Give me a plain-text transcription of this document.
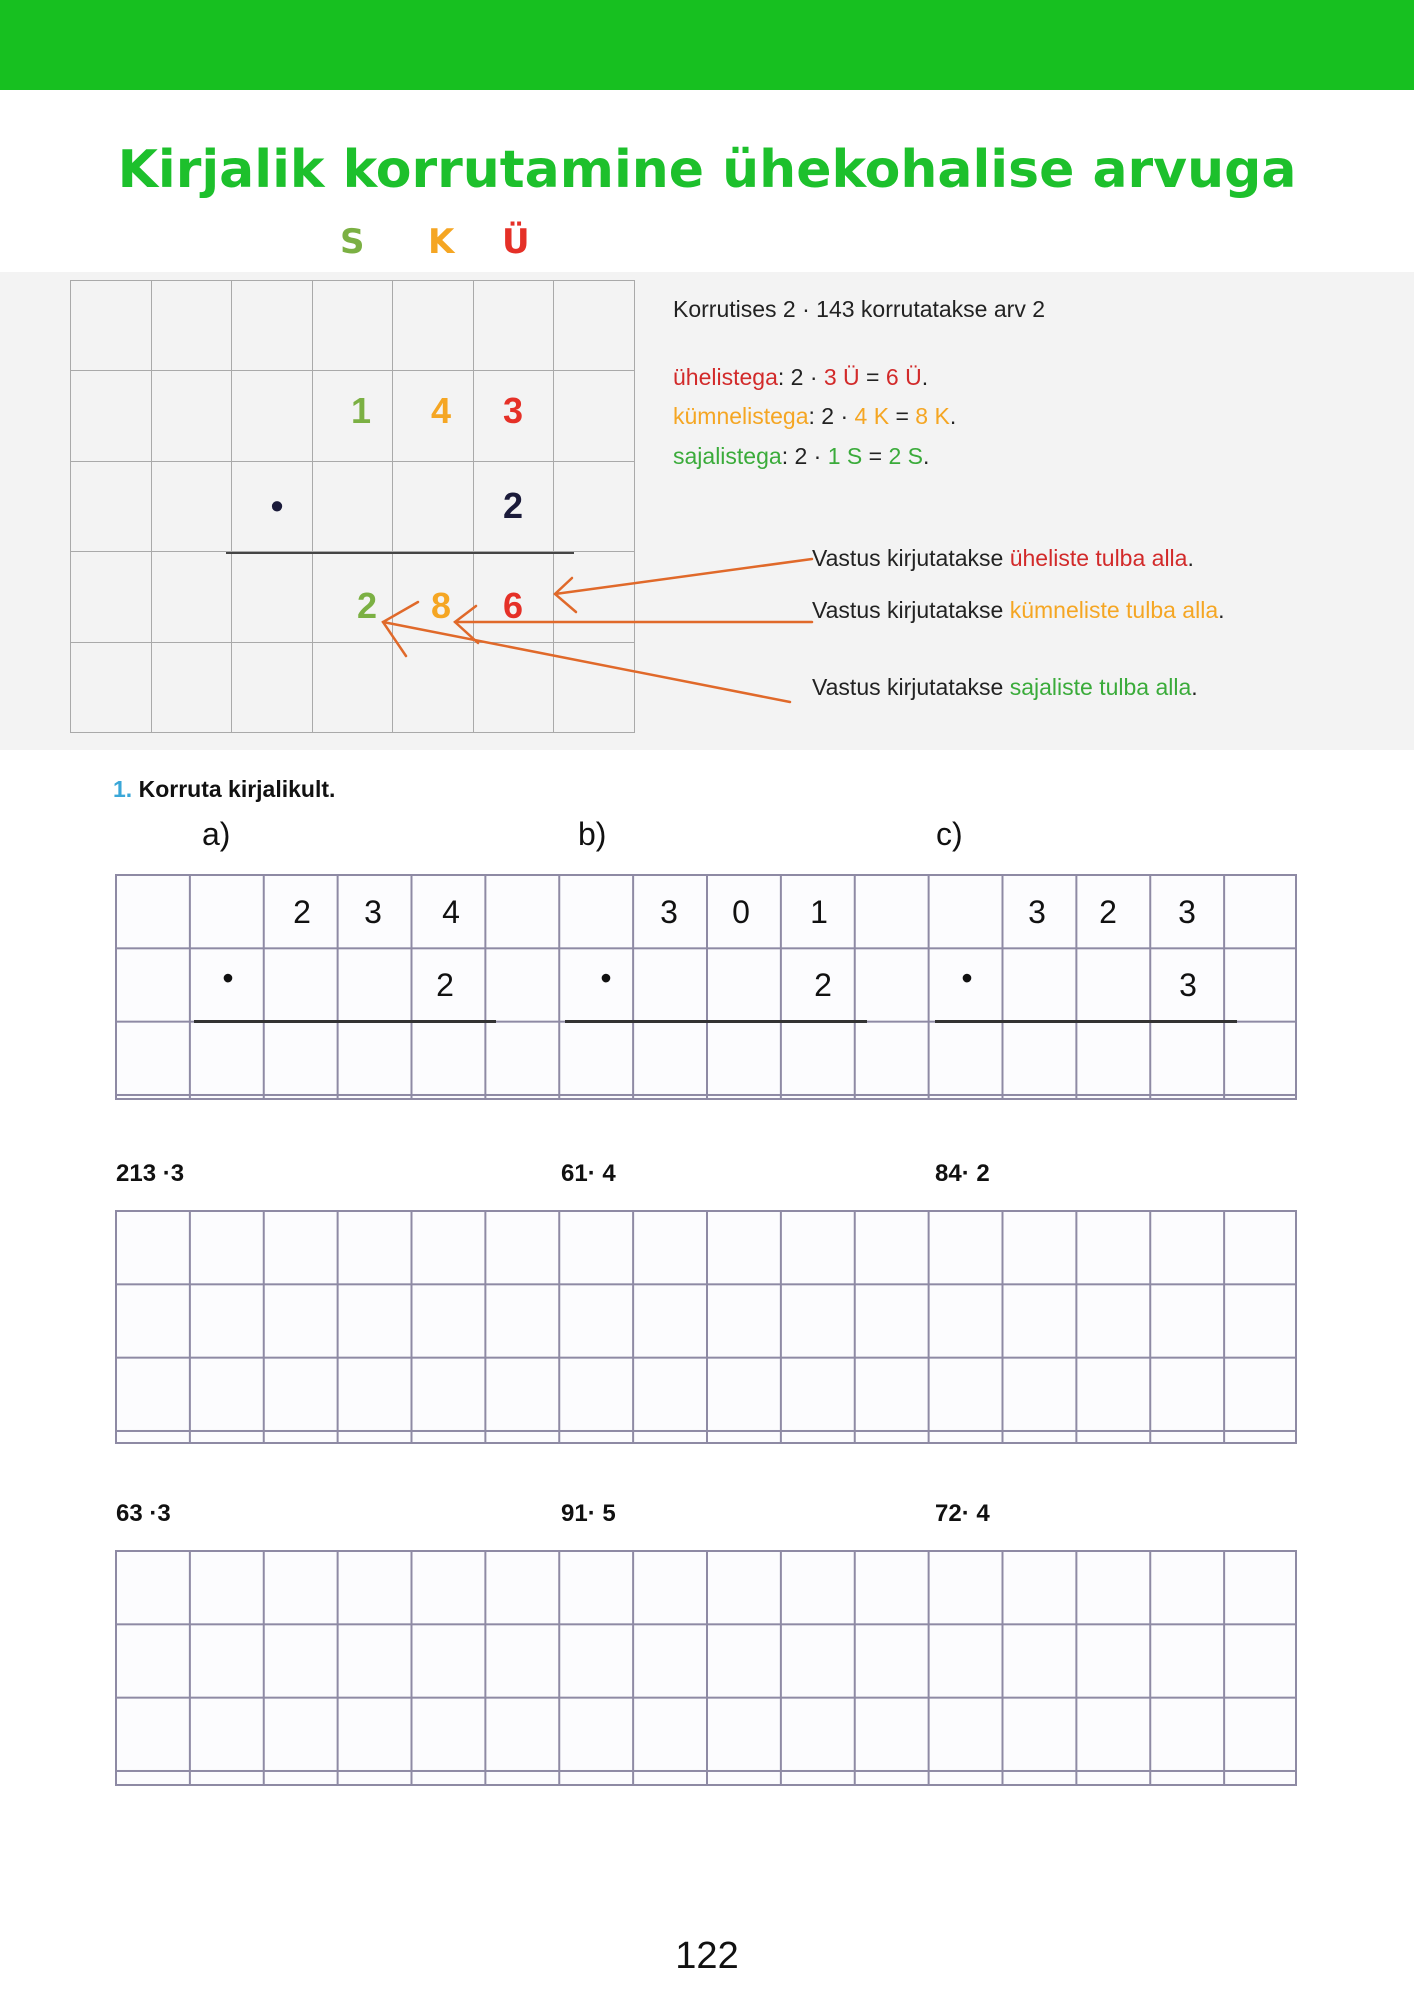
Kirjalik korrutamine ühekohalise arvuga
S K Ü
1	4	3
•	2
2	8	6
Korrutises 2 · 143 korrutatakse arv 2
ühelistega: 2 · 3 Ü = 6 Ü.
kümnelistega: 2 · 4 K = 8 K.
sajalistega: 2 · 1 S = 2 S.
Vastus kirjutatakse üheliste tulba alla.
Vastus kirjutatakse kümneliste tulba alla.
Vastus kirjutatakse sajaliste tulba alla.
1. Korruta kirjalikult.
a)	b)	c)
2	3	4
•	2
3	0	1
•	2
3	2	3
•	3
213 ·3	61· 4	84· 2
63 ·3	91· 5	72· 4
122
